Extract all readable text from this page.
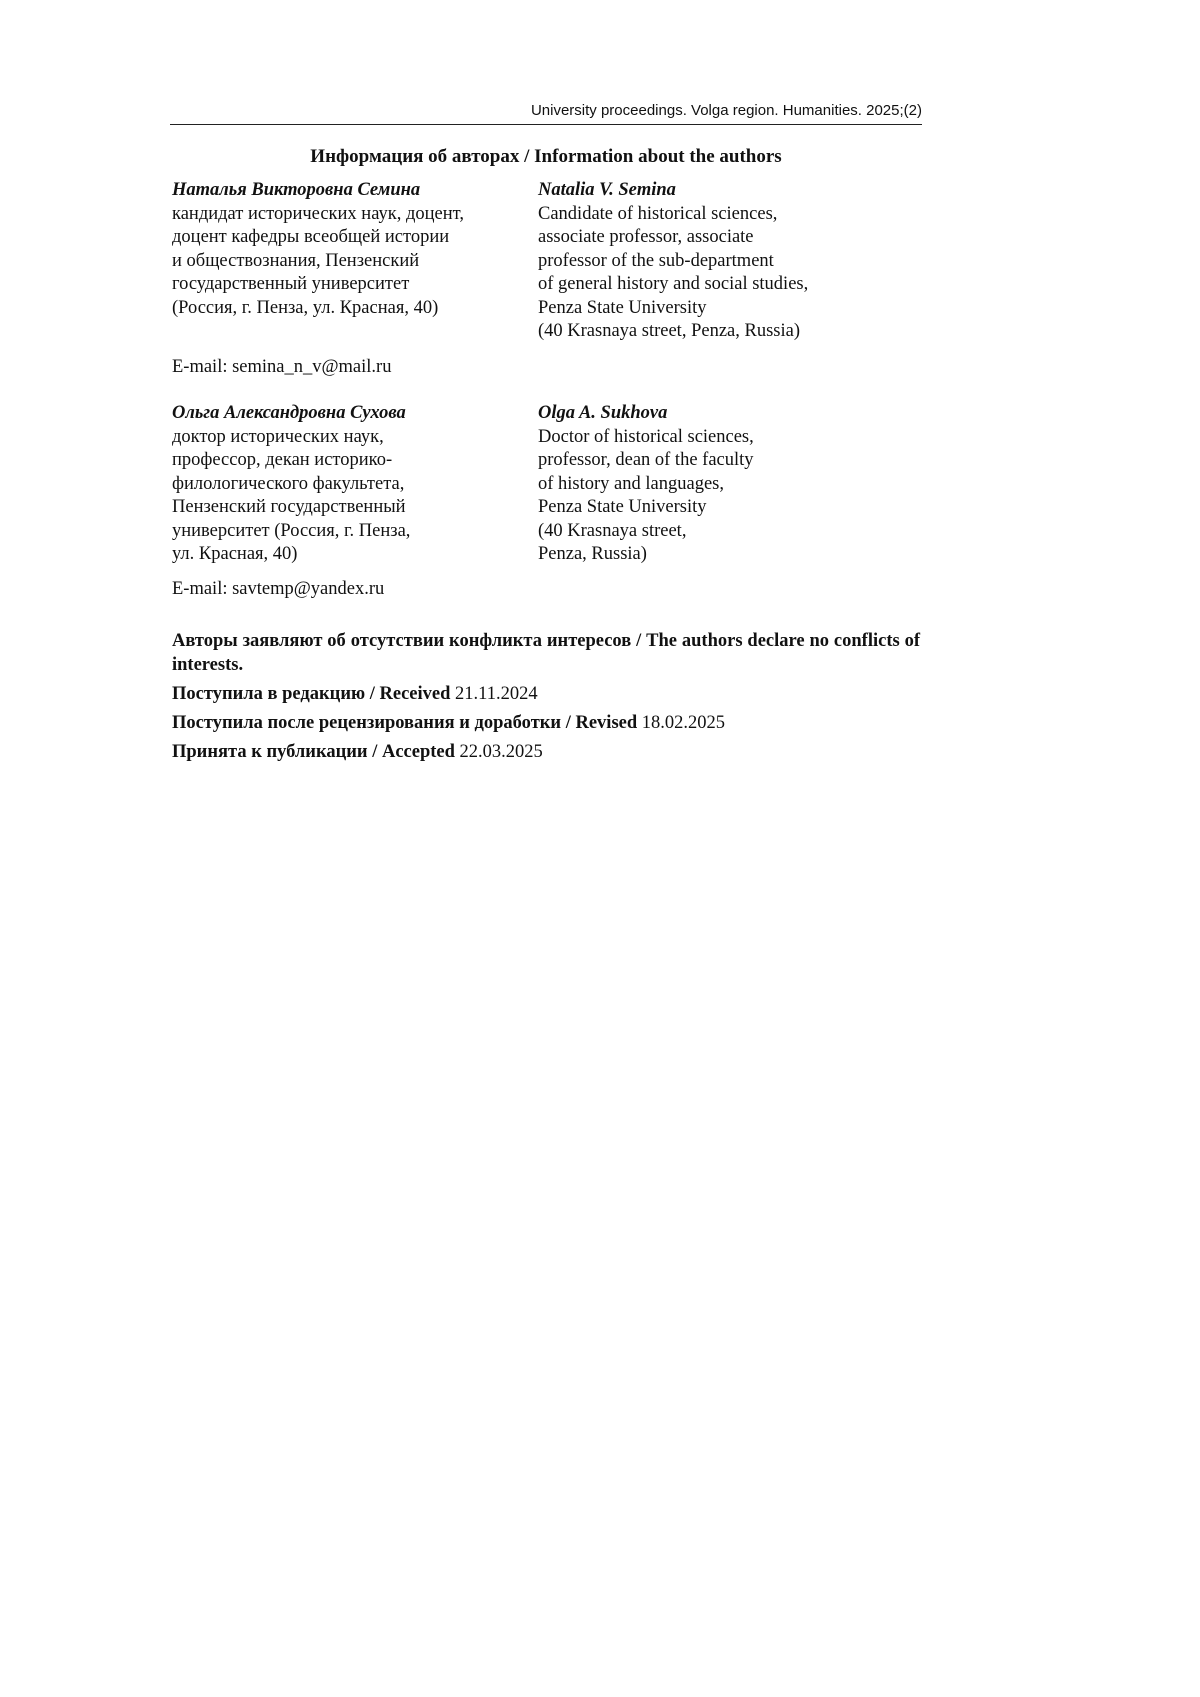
University proceedings. Volga region. Humanities. 2025;(2)
Информация об авторах / Information about the authors
Наталья Викторовна Семина
кандидат исторических наук, доцент,
доцент кафедры всеобщей истории
и обществознания, Пензенский
государственный университет
(Россия, г. Пенза, ул. Красная, 40)
Natalia V. Semina
Candidate of historical sciences,
associate professor, associate
professor of the sub-department
of general history and social studies,
Penza State University
(40 Krasnaya street, Penza, Russia)
E-mail: semina_n_v@mail.ru
Ольга Александровна Сухова
доктор исторических наук,
профессор, декан историко-
филологического факультета,
Пензенский государственный
университет (Россия, г. Пенза,
ул. Красная, 40)
Olga A. Sukhova
Doctor of historical sciences,
professor, dean of the faculty
of history and languages,
Penza State University
(40 Krasnaya street,
Penza, Russia)
E-mail: savtemp@yandex.ru
Авторы заявляют об отсутствии конфликта интересов / The authors declare no conflicts of interests.
Поступила в редакцию / Received 21.11.2024
Поступила после рецензирования и доработки / Revised 18.02.2025
Принята к публикации / Accepted 22.03.2025
